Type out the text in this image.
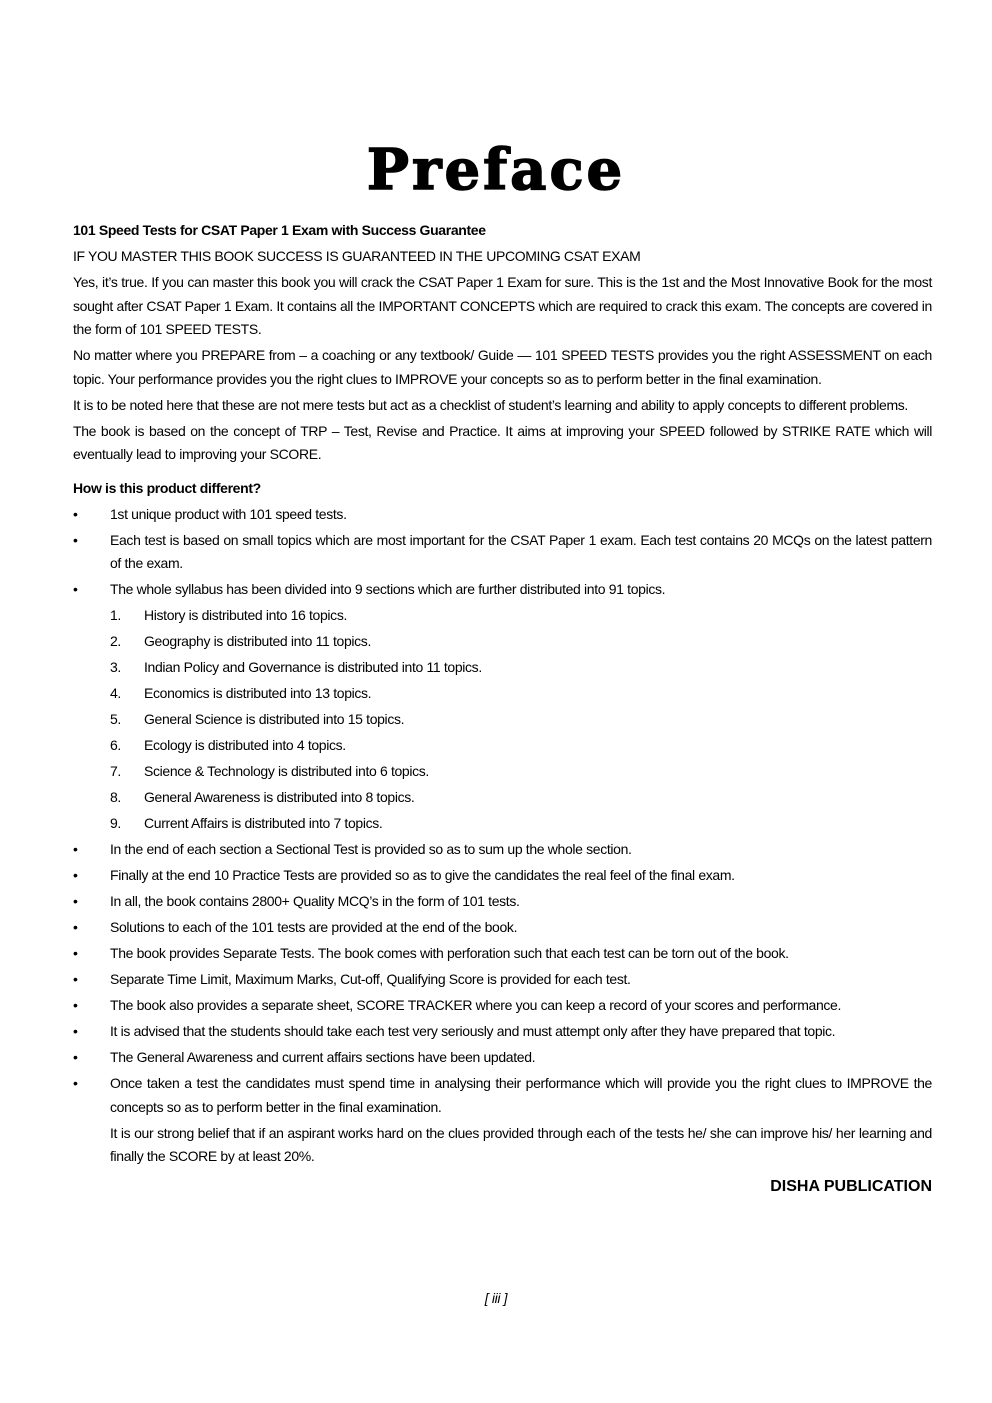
Preface

101 Speed Tests for CSAT Paper 1 Exam with Success Guarantee

IF YOU MASTER THIS BOOK SUCCESS IS GUARANTEED IN THE UPCOMING CSAT EXAM

Yes, it’s true. If you can master this book you will crack the CSAT Paper 1 Exam for sure. This is the 1st and the Most Innovative Book for the most sought after CSAT Paper 1 Exam. It contains all the IMPORTANT CONCEPTS which are required to crack this exam. The concepts are covered in the form of 101 SPEED TESTS.

No matter where you PREPARE from – a coaching or any textbook/ Guide — 101 SPEED TESTS provides you the right ASSESSMENT on each topic. Your performance provides you the right clues to IMPROVE your concepts so as to perform better in the final examination.

It is to be noted here that these are not mere tests but act as a checklist of student’s learning and ability to apply concepts to different problems.

The book is based on the concept of TRP – Test, Revise and Practice. It aims at improving your SPEED followed by STRIKE RATE which will eventually lead to improving your SCORE.

How is this product different?

• 1st unique product with 101 speed tests.
• Each test is based on small topics which are most important for the CSAT Paper 1 exam. Each test contains 20 MCQs on the latest pattern of the exam.
• The whole syllabus has been divided into 9 sections which are further distributed into 91 topics.
1. History is distributed into 16 topics.
2. Geography is distributed into 11 topics.
3. Indian Policy and Governance is distributed into 11 topics.
4. Economics is distributed into 13 topics.
5. General Science is distributed into 15 topics.
6. Ecology is distributed into 4 topics.
7. Science & Technology is distributed into 6 topics.
8. General Awareness is distributed into 8 topics.
9. Current Affairs is distributed into 7 topics.
• In the end of each section a Sectional Test is provided so as to sum up the whole section.
• Finally at the end 10 Practice Tests are provided so as to give the candidates the real feel of the final exam.
• In all, the book contains 2800+ Quality MCQ’s in the form of 101 tests.
• Solutions to each of the 101 tests are provided at the end of the book.
• The book provides Separate Tests. The book comes with perforation such that each test can be torn out of the book.
• Separate Time Limit, Maximum Marks, Cut-off, Qualifying Score is provided for each test.
• The book also provides a separate sheet, SCORE TRACKER where you can keep a record of your scores and performance.
• It is advised that the students should take each test very seriously and must attempt only after they have prepared that topic.
• The General Awareness and current affairs sections have been updated.
• Once taken a test the candidates must spend time in analysing their performance which will provide you the right clues to IMPROVE the concepts so as to perform better in the final examination.

It is our strong belief that if an aspirant works hard on the clues provided through each of the tests he/ she can improve his/ her learning and finally the SCORE by at least 20%.

DISHA PUBLICATION

[ iii ]
